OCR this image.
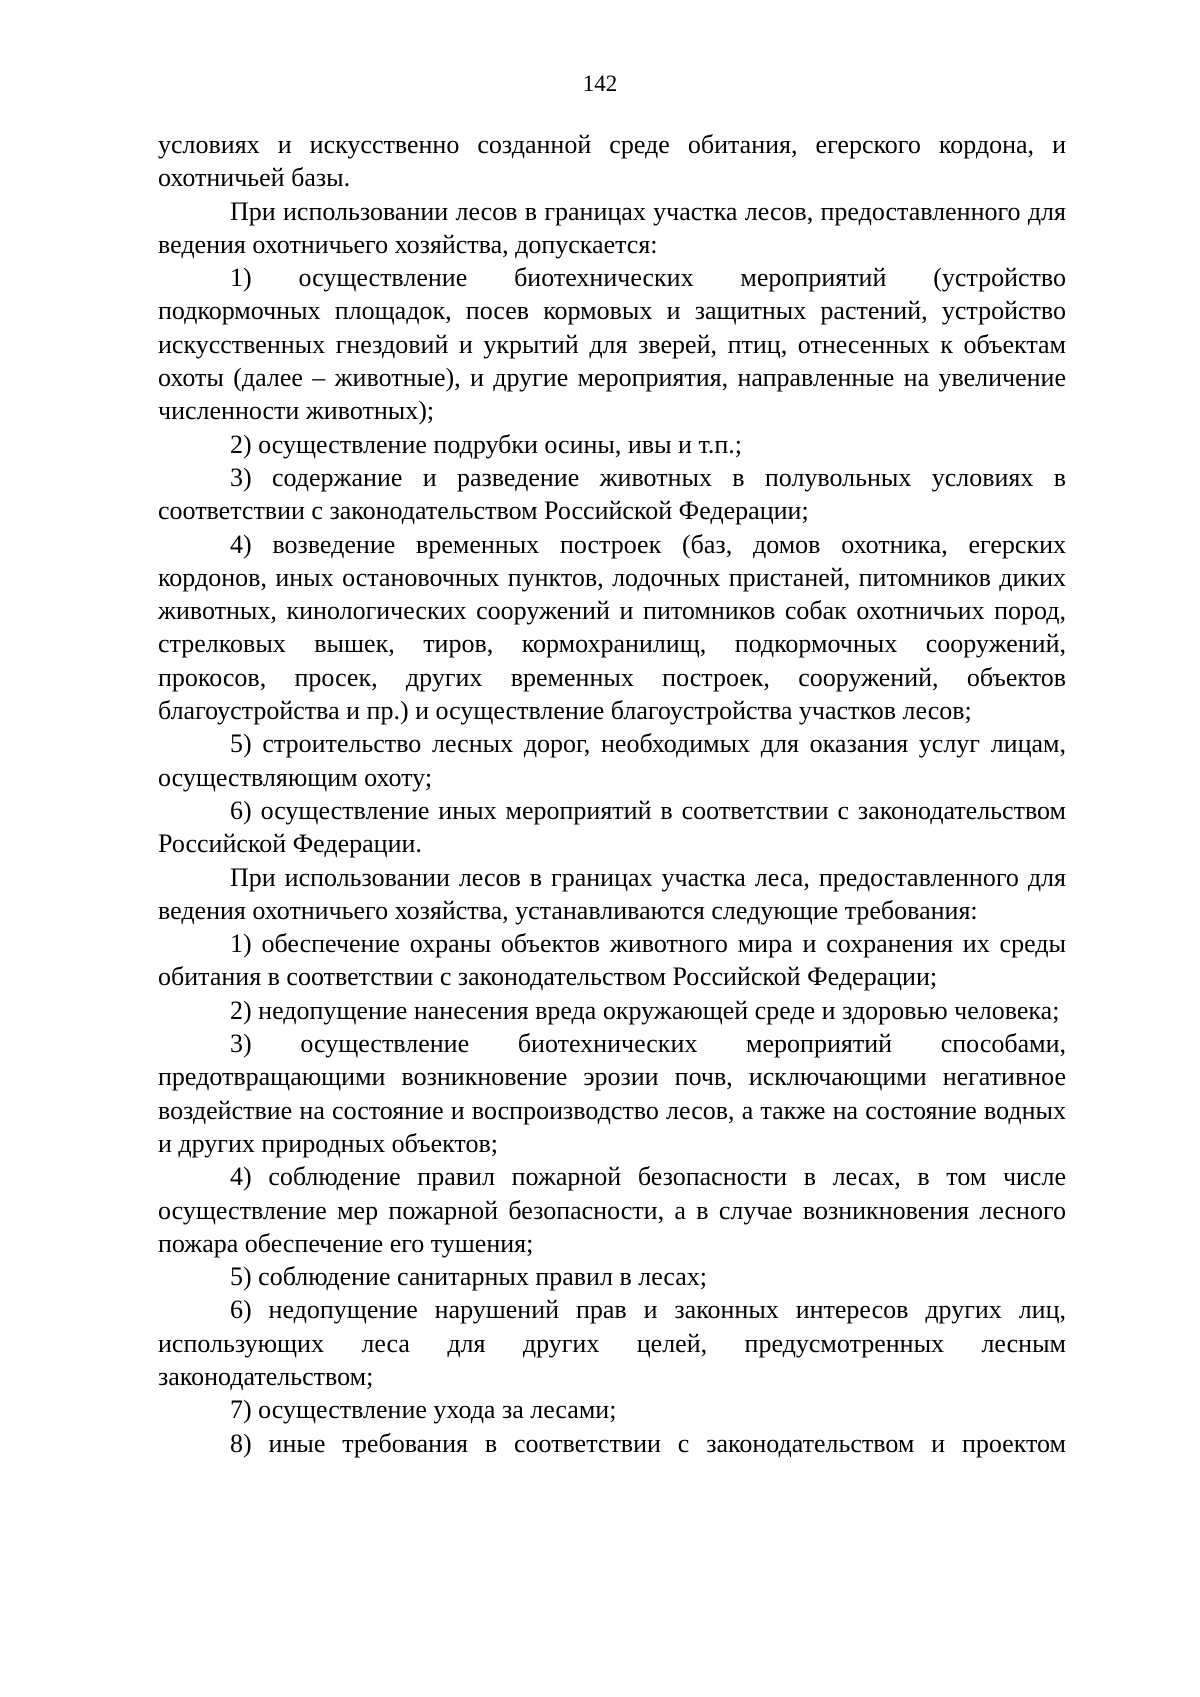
142

условиях и искусственно созданной среде обитания, егерского кордона, и охотничьей базы.

При использовании лесов в границах участка лесов, предоставленного для ведения охотничьего хозяйства, допускается:

1) осуществление биотехнических мероприятий (устройство подкормочных площадок, посев кормовых и защитных растений, устройство искусственных гнездовий и укрытий для зверей, птиц, отнесенных к объектам охоты (далее – животные), и другие мероприятия, направленные на увеличение численности животных);

2) осуществление подрубки осины, ивы и т.п.;

3) содержание и разведение животных в полувольных условиях в соответствии с законодательством Российской Федерации;

4) возведение временных построек (баз, домов охотника, егерских кордонов, иных остановочных пунктов, лодочных пристаней, питомников диких животных, кинологических сооружений и питомников собак охотничьих пород, стрелковых вышек, тиров, кормохранилищ, подкормочных сооружений, прокосов, просек, других временных построек, сооружений, объектов благоустройства и пр.) и осуществление благоустройства участков лесов;

5) строительство лесных дорог, необходимых для оказания услуг лицам, осуществляющим охоту;

6) осуществление иных мероприятий в соответствии с законодательством Российской Федерации.

При использовании лесов в границах участка леса, предоставленного для ведения охотничьего хозяйства, устанавливаются следующие требования:

1) обеспечение охраны объектов животного мира и сохранения их среды обитания в соответствии с законодательством Российской Федерации;

2) недопущение нанесения вреда окружающей среде и здоровью человека;

3) осуществление биотехнических мероприятий способами, предотвращающими возникновение эрозии почв, исключающими негативное воздействие на состояние и воспроизводство лесов, а также на состояние водных и других природных объектов;

4) соблюдение правил пожарной безопасности в лесах, в том числе осуществление мер пожарной безопасности, а в случае возникновения лесного пожара обеспечение его тушения;

5) соблюдение санитарных правил в лесах;

6) недопущение нарушений прав и законных интересов других лиц, использующих леса для других целей, предусмотренных лесным законодательством;

7) осуществление ухода за лесами;

8) иные требования в соответствии с законодательством и проектом
